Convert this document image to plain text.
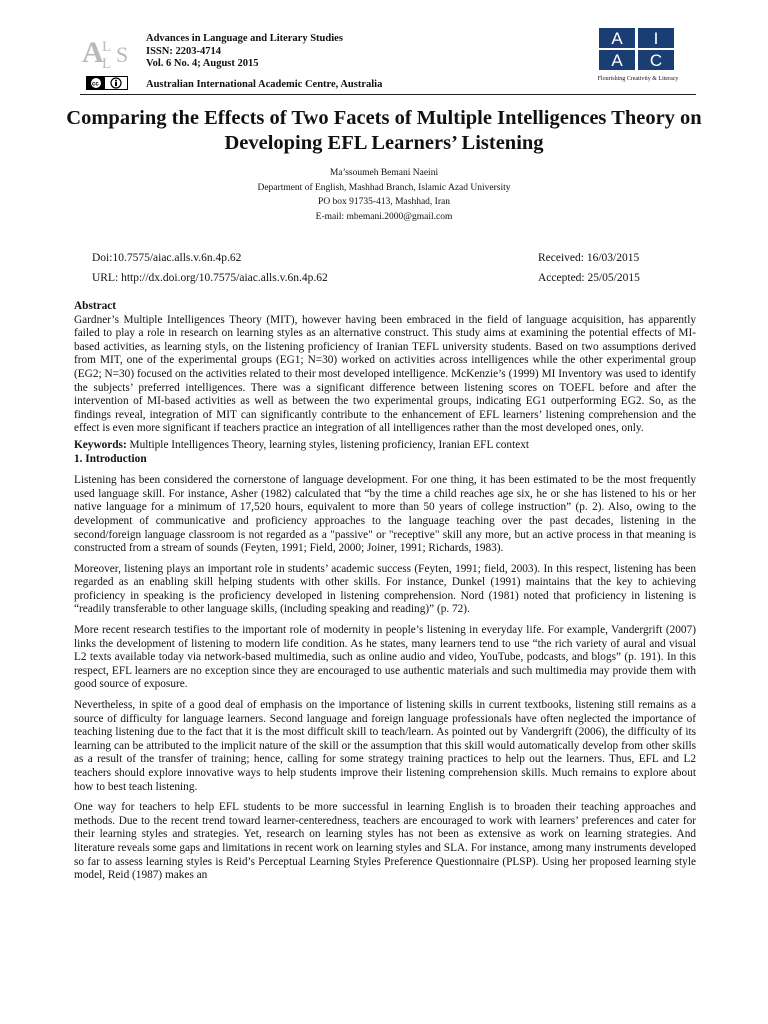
A
L
L S
Advances in Language and Literary Studies
ISSN: 2203-4714
Vol. 6 No. 4; August 2015
cc	Australian International Academic Centre, Australia
A I
A C
Flourishing Creativity & Literacy
Comparing the Effects of Two Facets of Multiple Intelligences Theory on Developing EFL Learners’ Listening
Ma’ssoumeh Bemani Naeini
Department of English, Mashhad Branch, Islamic Azad University
PO box 91735-413, Mashhad, Iran
E-mail: mbemani.2000@gmail.com
Doi:10.7575/aiac.alls.v.6n.4p.62
URL: http://dx.doi.org/10.7575/aiac.alls.v.6n.4p.62
Received: 16/03/2015
Accepted: 25/05/2015

Abstract

Gardner’s Multiple Intelligences Theory (MIT), however having been embraced in the field of language acquisition, has apparently failed to play a role in research on learning styles as an alternative construct. This study aims at examining the potential effects of MI-based activities, as learning styls, on the listening proficiency of Iranian TEFL university students. Based on two assumptions derived from MIT, one of the experimental groups (EG1; N=30) worked on activities across intelligences while the other experimental group (EG2; N=30) focused on the activities related to their most developed intelligence. McKenzie’s (1999) MI Inventory was used to identify the subjects’ preferred intelligences. There was a significant difference between listening scores on TOEFL before and after the intervention of MI-based activities as well as between the two experimental groups, indicating EG1 outperforming EG2. So, as the findings reveal, integration of MIT can significantly contribute to the enhancement of EFL learners’ listening comprehension and the effect is even more significant if teachers practice an integration of all intelligences rather than the most developed ones, only.

Keywords: Multiple Intelligences Theory, learning styles, listening proficiency, Iranian EFL context

1. Introduction

Listening has been considered the cornerstone of language development. For one thing, it has been estimated to be the most frequently used language skill. For instance, Asher (1982) calculated that “by the time a child reaches age six, he or she has listened to his or her native language for a minimum of 17,520 hours, equivalent to more than 50 years of college instruction” (p. 2). Also, owing to the development of communicative and proficiency approaches to the language teaching over the past decades, listening in the second/foreign language classroom is not regarded as a "passive" or "receptive" skill any more, but an active process in that meaning is constructed from a stream of sounds (Feyten, 1991; Field, 2000; Joiner, 1991; Richards, 1983).

Moreover, listening plays an important role in students’ academic success (Feyten, 1991; field, 2003). In this respect, listening has been regarded as an enabling skill helping students with other skills. For instance, Dunkel (1991) maintains that the key to achieving proficiency in speaking is the proficiency developed in listening comprehension. Nord (1981) noted that proficiency in listening is “readily transferable to other language skills, (including speaking and reading)” (p. 72).

More recent research testifies to the important role of modernity in people’s listening in everyday life. For example, Vandergrift (2007) links the development of listening to modern life condition. As he states, many learners tend to use “the rich variety of aural and visual L2 texts available today via network-based multimedia, such as online audio and video, YouTube, podcasts, and blogs” (p. 191). In this respect, EFL learners are no exception since they are encouraged to use authentic materials and such multimedia may provide them with good source of exposure.

Nevertheless, in spite of a good deal of emphasis on the importance of listening skills in current textbooks, listening still remains as a source of difficulty for language learners. Second language and foreign language professionals have often neglected the importance of teaching listening due to the fact that it is the most difficult skill to teach/learn. As pointed out by Vandergrift (2006), the difficulty of its learning can be attributed to the implicit nature of the skill or the assumption that this skill would automatically develop from other skills as a result of the transfer of training; hence, calling for some strategy training practices to help out the learners. Thus, EFL and L2 teachers should explore innovative ways to help students improve their listening comprehension skills. Much remains to explore about how to best teach listening.

One way for teachers to help EFL students to be more successful in learning English is to broaden their teaching approaches and methods. Due to the recent trend toward learner-centeredness, teachers are encouraged to work with learners’ preferences and cater for their learning styles and strategies. Yet, research on learning styles has not been as extensive as work on learning strategies. And literature reveals some gaps and limitations in recent work on learning styles and SLA. For instance, among many instruments developed so far to assess learning styles is Reid’s Perceptual Learning Styles Preference Questionnaire (PLSP). Using her proposed learning style model, Reid (1987) makes an
